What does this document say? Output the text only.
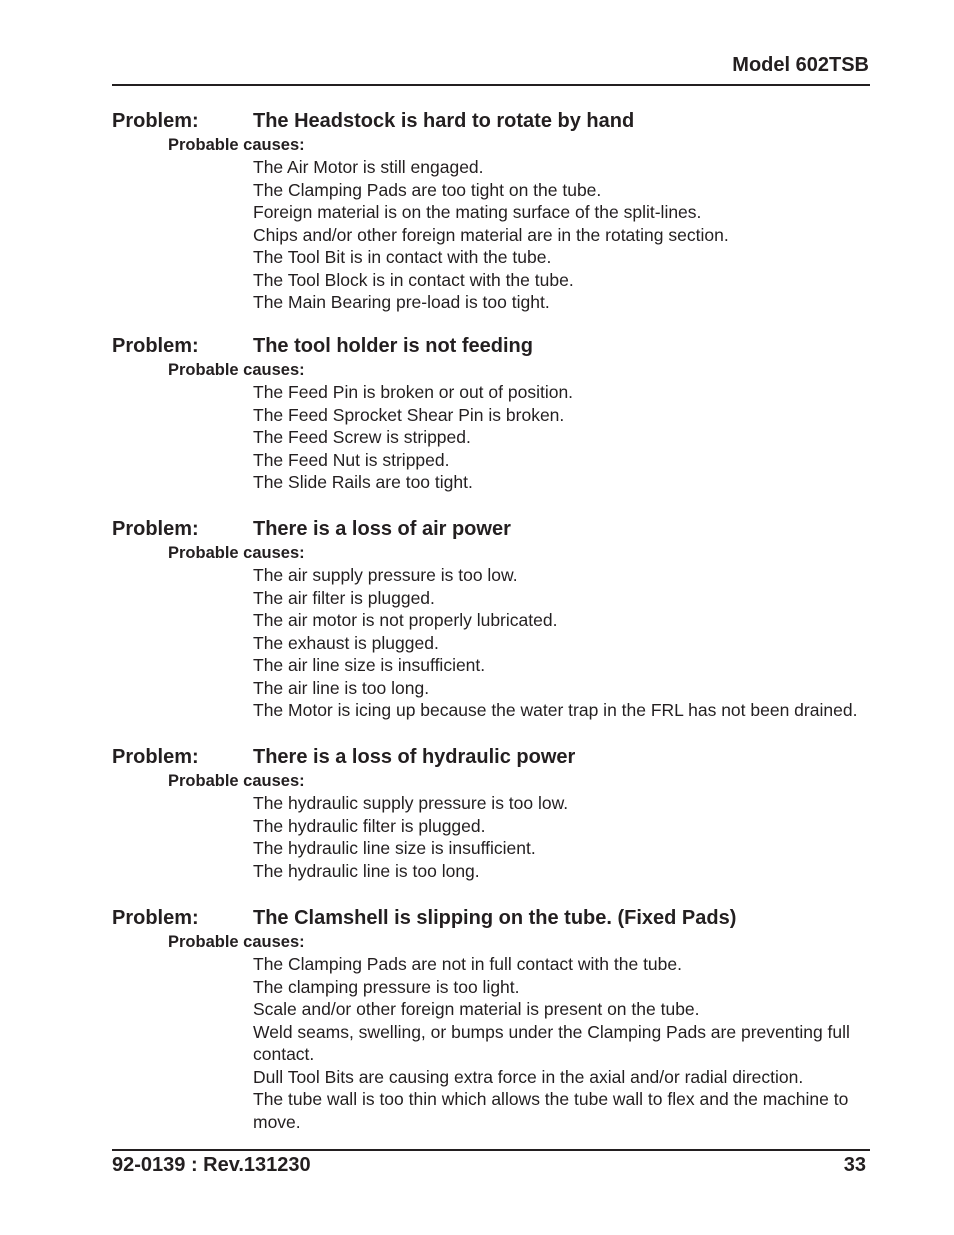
Model 602TSB
Problem:	The Headstock is hard to rotate by hand
Probable causes:
The Air Motor is still engaged.
The Clamping Pads are too tight on the tube.
Foreign material is on the mating surface of the split-lines.
Chips and/or other foreign material are in the rotating section.
The Tool Bit is in contact with the tube.
The Tool Block is in contact with the tube.
The Main Bearing pre-load is too tight.
Problem:	The tool holder is not feeding
Probable causes:
The Feed Pin is broken or out of position.
The Feed Sprocket Shear Pin is broken.
The Feed Screw is stripped.
The Feed Nut is stripped.
The Slide Rails are too tight.
Problem:	There is a loss of air power
Probable causes:
The air supply pressure is too low.
The air filter is plugged.
The air motor is not properly lubricated.
The exhaust is plugged.
The air line size is insufficient.
The air line is too long.
The Motor is icing up because the water trap in the FRL has not been drained.
Problem:	There is a loss of hydraulic power
Probable causes:
The hydraulic supply pressure is too low.
The hydraulic filter is plugged.
The hydraulic line size is insufficient.
The hydraulic line is too long.
Problem:	The Clamshell is slipping on the tube. (Fixed Pads)
Probable causes:
The Clamping Pads are not in full contact with the tube.
The clamping pressure is too light.
Scale and/or other foreign material is present on the tube.
Weld seams, swelling, or bumps under the Clamping Pads are preventing full contact.
Dull Tool Bits are causing extra force in the axial and/or radial direction.
The tube wall is too thin which allows the tube wall to flex and the machine to move.
92-0139 : Rev.131230	33
